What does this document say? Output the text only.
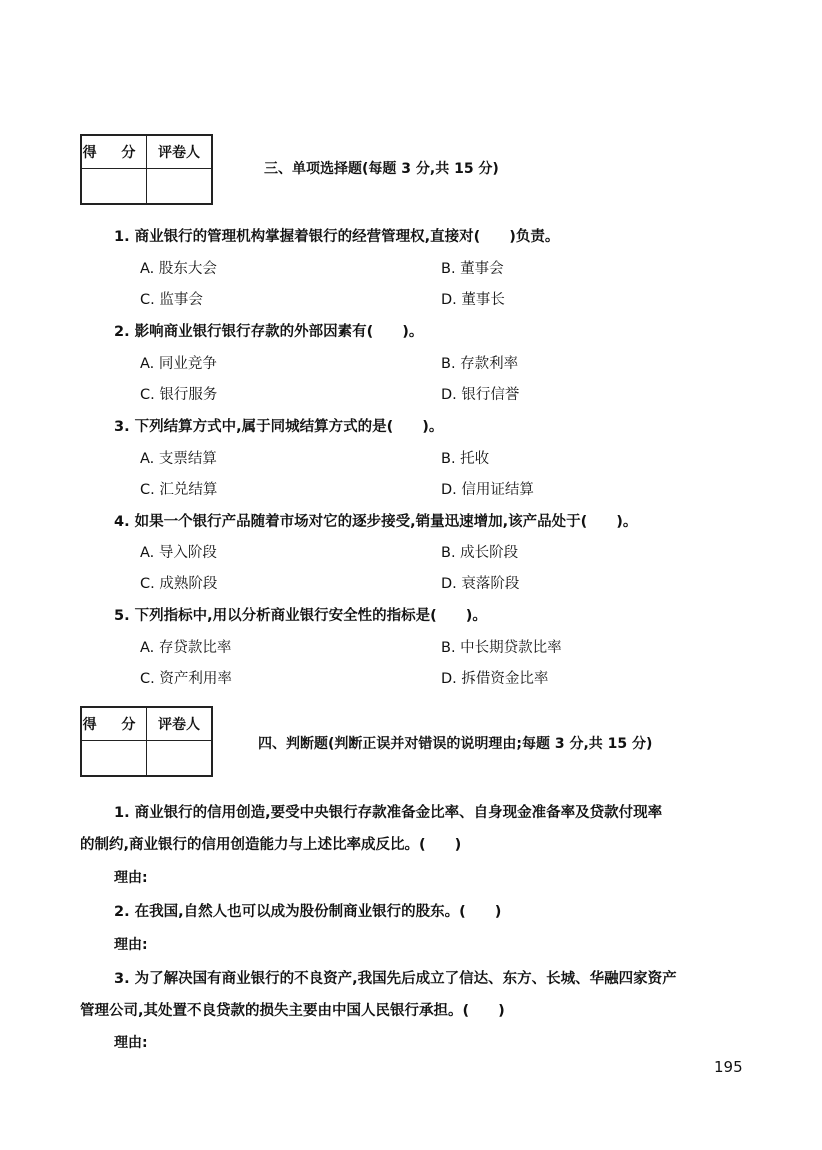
得 分	评卷人

三、单项选择题(每题 3 分,共 15 分)
1. 商业银行的管理机构掌握着银行的经营管理权,直接对(　　)负责。
A. 股东大会	B. 董事会
C. 监事会	D. 董事长
2. 影响商业银行银行存款的外部因素有(　　)。
A. 同业竞争	B. 存款利率
C. 银行服务	D. 银行信誉
3. 下列结算方式中,属于同城结算方式的是(　　)。
A. 支票结算	B. 托收
C. 汇兑结算	D. 信用证结算
4. 如果一个银行产品随着市场对它的逐步接受,销量迅速增加,该产品处于(　　)。
A. 导入阶段	B. 成长阶段
C. 成熟阶段	D. 衰落阶段
5. 下列指标中,用以分析商业银行安全性的指标是(　　)。
A. 存贷款比率	B. 中长期贷款比率
C. 资产利用率	D. 拆借资金比率
得 分	评卷人

四、判断题(判断正误并对错误的说明理由;每题 3 分,共 15 分)
1. 商业银行的信用创造,要受中央银行存款准备金比率、自身现金准备率及贷款付现率
的制约,商业银行的信用创造能力与上述比率成反比。(　　)
理由:
2. 在我国,自然人也可以成为股份制商业银行的股东。(　　)
理由:
3. 为了解决国有商业银行的不良资产,我国先后成立了信达、东方、长城、华融四家资产
管理公司,其处置不良贷款的损失主要由中国人民银行承担。(　　)
理由:
195
